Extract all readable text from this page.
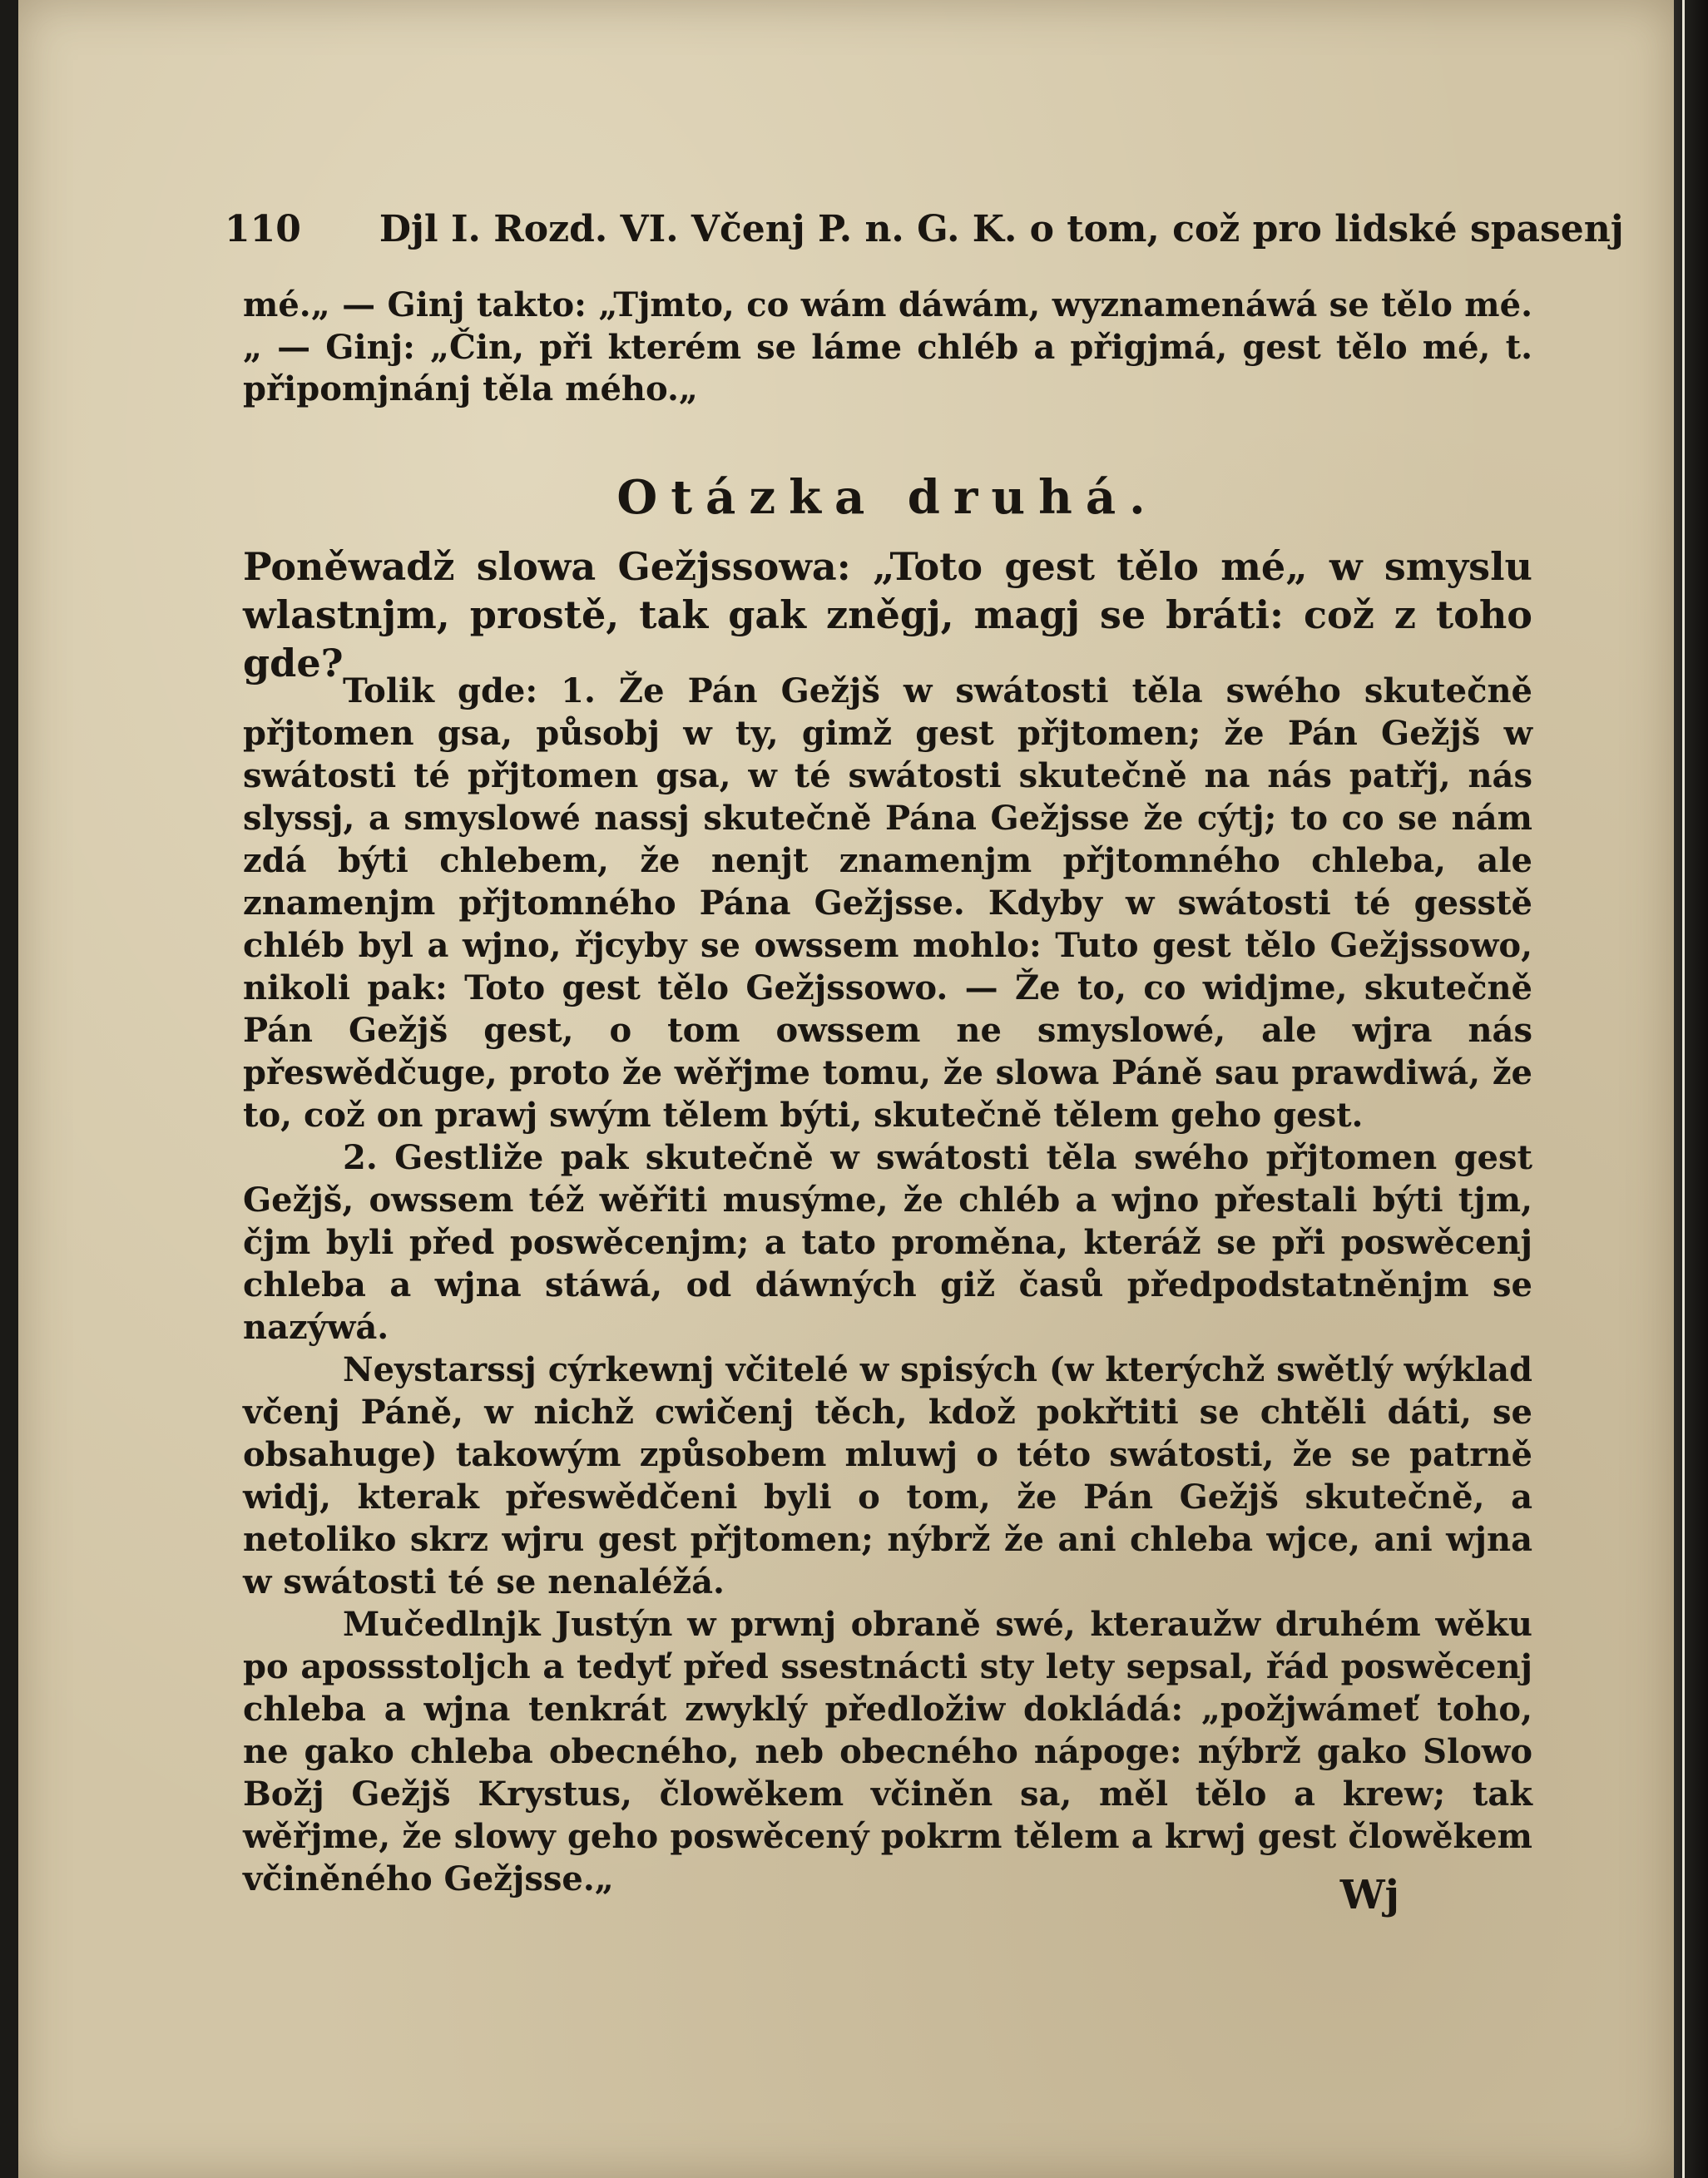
110 Djl I. Rozd. VI. Včenj P. n. G. K. o tom, což pro lidské spasenj

mé.„ — Ginj takto: „Tjmto, co wám dáwám, wyznamenáwá se tělo mé.„ — Ginj: „Čin, při kterém se láme chléb a přigjmá, gest tělo mé, t. připomjnánj těla mého.„

Otázka druhá.
Poněwadž slowa Gežjssowa: „Toto gest tělo mé„ w smyslu wlastnjm, prostě, tak gak zněgj, magj se bráti: což z toho gde?

Tolik gde: 1. Že Pán Gežjš w swátosti těla swého skutečně přjtomen gsa, působj w ty, gimž gest přjtomen; že Pán Gežjš w swátosti té přjtomen gsa, w té swátosti skutečně na nás patřj, nás slyssj, a smyslowé nassj skutečně Pána Gežjsse že cýtj; to co se nám zdá býti chlebem, že nenjt znamenjm přjtomného chleba, ale znamenjm přjtomného Pána Gežjsse. Kdyby w swátosti té gesstě chléb byl a wjno, řjcyby se owssem mohlo: Tuto gest tělo Gežjssowo, nikoli pak: Toto gest tělo Gežjssowo. — Že to, co widjme, skutečně Pán Gežjš gest, o tom owssem ne smyslowé, ale wjra nás přeswědčuge, proto že wěřjme tomu, že slowa Páně sau prawdiwá, že to, což on prawj swým tělem býti, skutečně tělem geho gest.

2. Gestliže pak skutečně w swátosti těla swého přjtomen gest Gežjš, owssem též wěřiti musýme, že chléb a wjno přestali býti tjm, čjm byli před poswěcenjm; a tato proměna, kteráž se při poswěcenj chleba a wjna stáwá, od dáwných giž časů předpodstatněnjm se nazýwá.

Neystarssj cýrkewnj včitelé w spisých (w kterýchž swětlý wýklad včenj Páně, w nichž cwičenj těch, kdož pokřtiti se chtěli dáti, se obsahuge) takowým způsobem mluwj o této swátosti, že se patrně widj, kterak přeswědčeni byli o tom, že Pán Gežjš skutečně, a netoliko skrz wjru gest přjtomen; nýbrž že ani chleba wjce, ani wjna w swátosti té se nenaléžá.

Mučedlnjk Justýn w prwnj obraně swé, kteraužw druhém wěku po apossstoljch a tedyť před ssestnácti sty lety sepsal, řád poswěcenj chleba a wjna tenkrát zwyklý předložiw dokládá: „požjwámeť toho, ne gako chleba obecného, neb obecného nápoge: nýbrž gako Slowo Božj Gežjš Krystus, člowěkem včiněn sa, měl tělo a krew; tak wěřjme, že slowy geho poswěcený pokrm tělem a krwj gest člowěkem včiněného Gežjsse.„	Wj
